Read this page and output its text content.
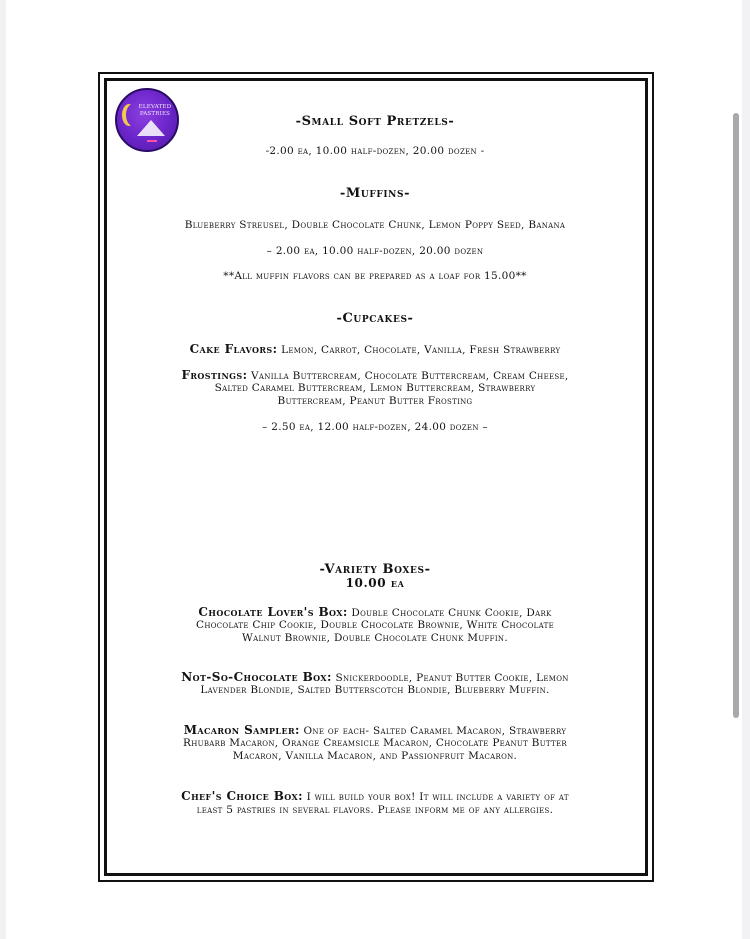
ELEVATED
PASTRIES	-Small Soft Pretzels-
-2.00 ea, 10.00 half-dozen, 20.00 dozen -
-Muffins-
Blueberry Streusel, Double Chocolate Chunk, Lemon Poppy Seed, Banana
– 2.00 ea, 10.00 half-dozen, 20.00 dozen
**All muffin flavors can be prepared as a loaf for 15.00**
-Cupcakes-
Cake Flavors: Lemon, Carrot, Chocolate, Vanilla, Fresh Strawberry
Frostings: Vanilla Buttercream, Chocolate Buttercream, Cream Cheese,
Salted Caramel Buttercream, Lemon Buttercream, Strawberry
Buttercream, Peanut Butter Frosting
– 2.50 ea, 12.00 half-dozen, 24.00 dozen –
-Variety Boxes-
10.00 ea
Chocolate Lover's Box: Double Chocolate Chunk Cookie, Dark
Chocolate Chip Cookie, Double Chocolate Brownie, White Chocolate
Walnut Brownie, Double Chocolate Chunk Muffin.
Not-So-Chocolate Box: Snickerdoodle, Peanut Butter Cookie, Lemon
Lavender Blondie, Salted Butterscotch Blondie, Blueberry Muffin.
Macaron Sampler: One of each- Salted Caramel Macaron, Strawberry
Rhubarb Macaron, Orange Creamsicle Macaron, Chocolate Peanut Butter
Macaron, Vanilla Macaron, and Passionfruit Macaron.
Chef's Choice Box: I will build your box! It will include a variety of at
least 5 pastries in several flavors. Please inform me of any allergies.
